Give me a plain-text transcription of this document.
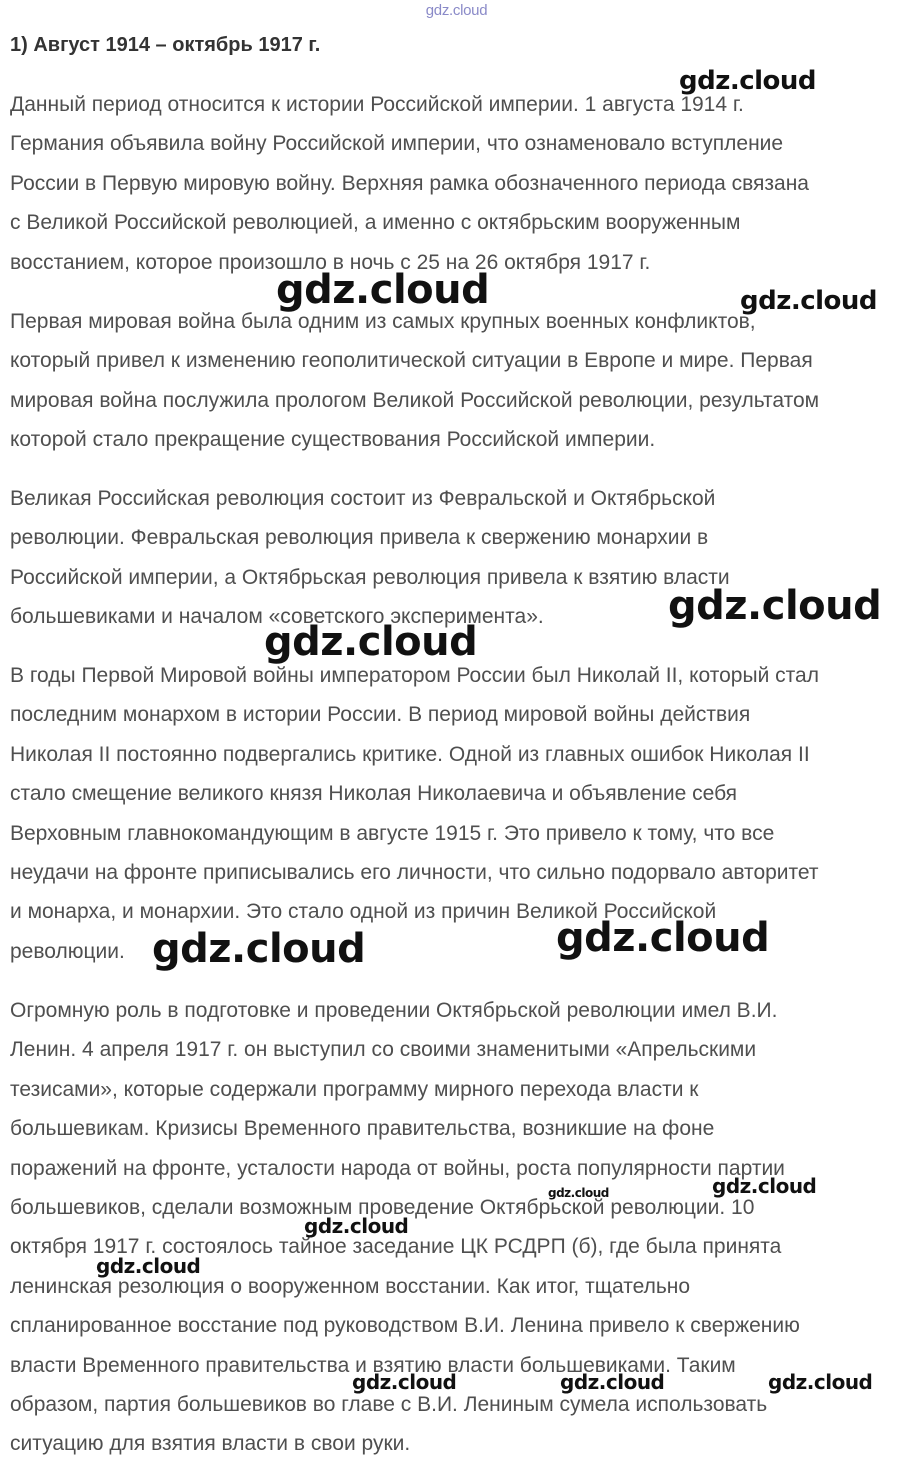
gdz.cloud
1) Август 1914 – октябрь 1917 г.

Данный период относится к истории Российской империи. 1 августа 1914 г.
Германия объявила войну Российской империи, что ознаменовало вступление
России в Первую мировую войну. Верхняя рамка обозначенного периода связана
с Великой Российской революцией, а именно с октябрьским вооруженным
восстанием, которое произошло в ночь с 25 на 26 октября 1917 г.

Первая мировая война была одним из самых крупных военных конфликтов,
который привел к изменению геополитической ситуации в Европе и мире. Первая
мировая война послужила прологом Великой Российской революции, результатом
которой стало прекращение существования Российской империи.

Великая Российская революция состоит из Февральской и Октябрьской
революции. Февральская революция привела к свержению монархии в
Российской империи, а Октябрьская революция привела к взятию власти
большевиками и началом «советского эксперимента».

В годы Первой Мировой войны императором России был Николай II, который стал
последним монархом в истории России. В период мировой войны действия
Николая II постоянно подвергались критике. Одной из главных ошибок Николая II
стало смещение великого князя Николая Николаевича и объявление себя
Верховным главнокомандующим в августе 1915 г. Это привело к тому, что все
неудачи на фронте приписывались его личности, что сильно подорвало авторитет
и монарха, и монархии. Это стало одной из причин Великой Российской
революции.

Огромную роль в подготовке и проведении Октябрьской революции имел В.И.
Ленин. 4 апреля 1917 г. он выступил со своими знаменитыми «Апрельскими
тезисами», которые содержали программу мирного перехода власти к
большевикам. Кризисы Временного правительства, возникшие на фоне
поражений на фронте, усталости народа от войны, роста популярности партии
большевиков, сделали возможным проведение Октябрьской революции. 10
октября 1917 г. состоялось тайное заседание ЦК РСДРП (б), где была принята
ленинская резолюция о вооруженном восстании. Как итог, тщательно
спланированное восстание под руководством В.И. Ленина привело к свержению
власти Временного правительства и взятию власти большевиками. Таким
образом, партия большевиков во главе с В.И. Лениным сумела использовать
ситуацию для взятия власти в свои руки.

gdz.cloud
gdz.cloud	gdz.cloud
gdz.cloud
gdz.cloud
gdz.cloud
gdz.cloud
gdz.cloud	gdz.cloud
gdz.cloud
gdz.cloud
gdz.cloud	gdz.cloud	gdz.cloud
